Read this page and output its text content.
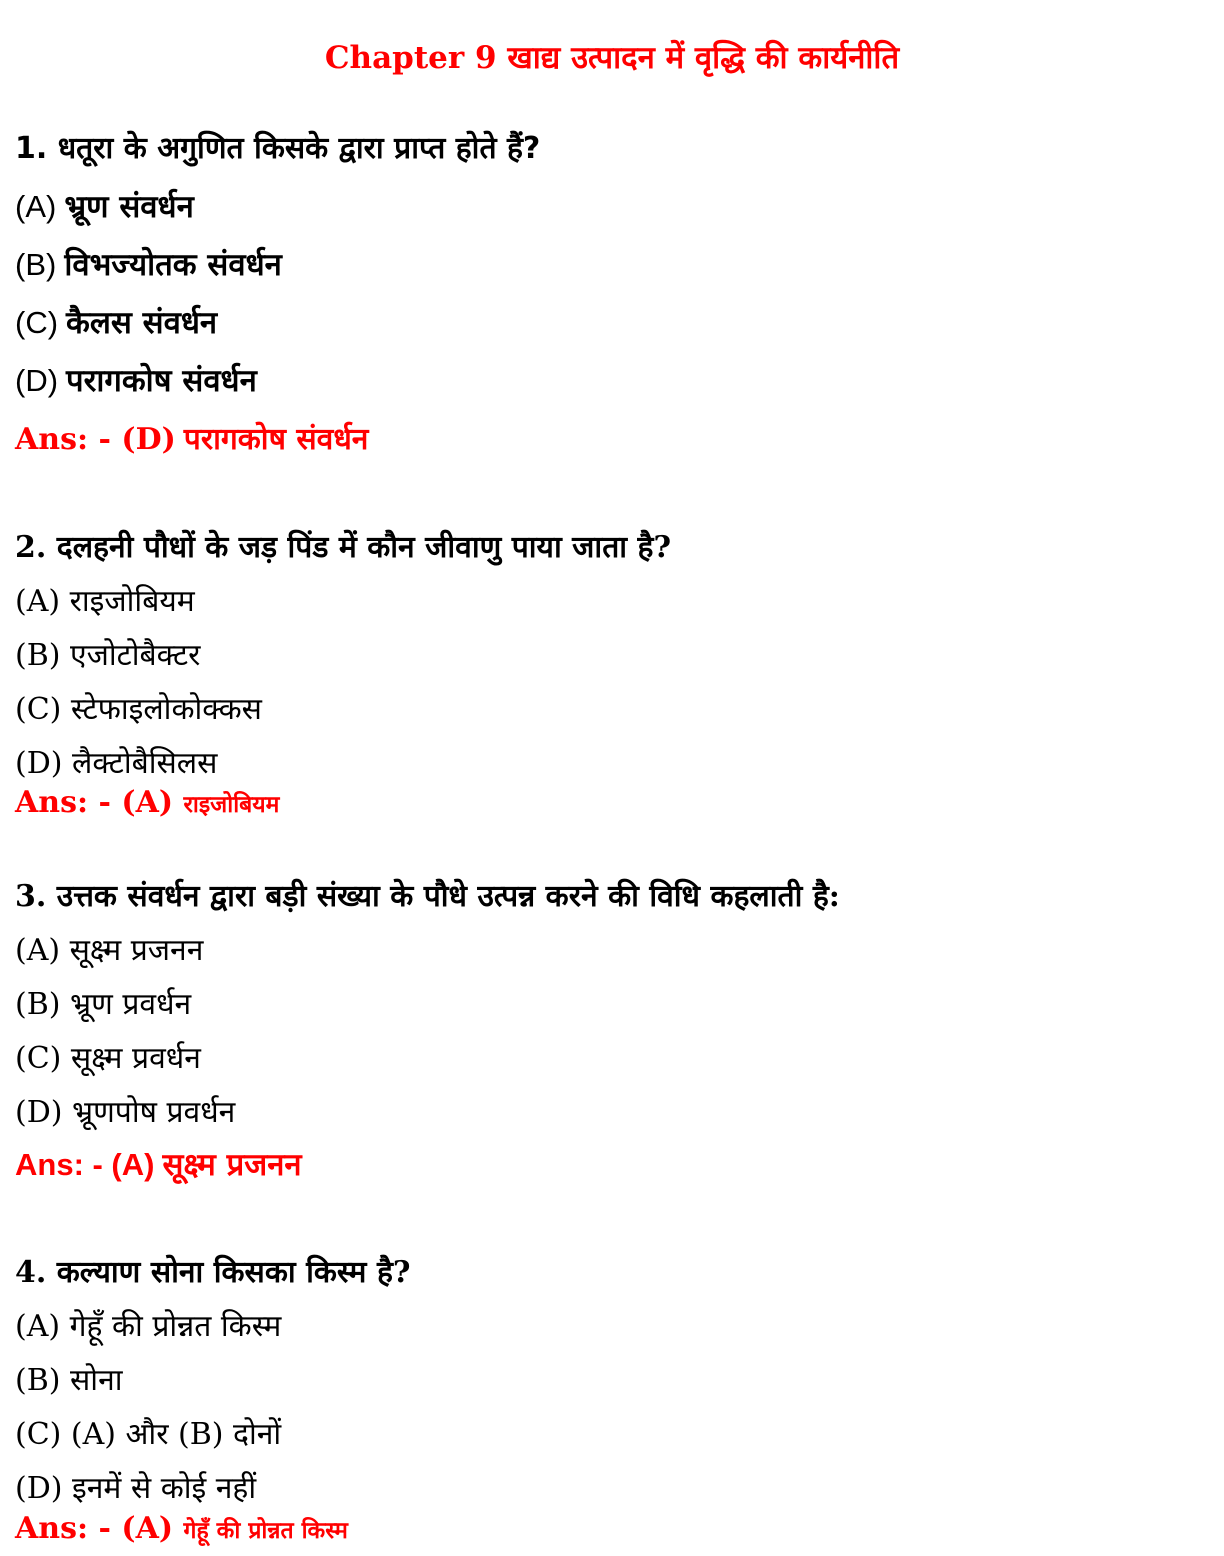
Chapter 9 खाद्य उत्पादन में वृद्धि की कार्यनीति
1. धतूरा के अगुणित किसके द्वारा प्राप्त होते हैं?
(A) भ्रूण संवर्धन
(B) विभज्योतक संवर्धन
(C) कैलस संवर्धन
(D) परागकोष संवर्धन
Ans: - (D) परागकोष संवर्धन
2. दलहनी पौधों के जड़ पिंड में कौन जीवाणु पाया जाता है?
(A) राइजोबियम
(B) एजोटोबैक्टर
(C) स्टेफाइलोकोक्कस
(D) लैक्टोबैसिलस
Ans: - (A) राइजोबियम
3. उत्तक संवर्धन द्वारा बड़ी संख्या के पौधे उत्पन्न करने की विधि कहलाती है:
(A) सूक्ष्म प्रजनन
(B) भ्रूण प्रवर्धन
(C) सूक्ष्म प्रवर्धन
(D) भ्रूणपोष प्रवर्धन
Ans: - (A) सूक्ष्म प्रजनन
4. कल्याण सोना किसका किस्म है?
(A) गेहूँ की प्रोन्नत किस्म
(B) सोना
(C) (A) और (B) दोनों
(D) इनमें से कोई नहीं
Ans: - (A) गेहूँ की प्रोन्नत किस्म
